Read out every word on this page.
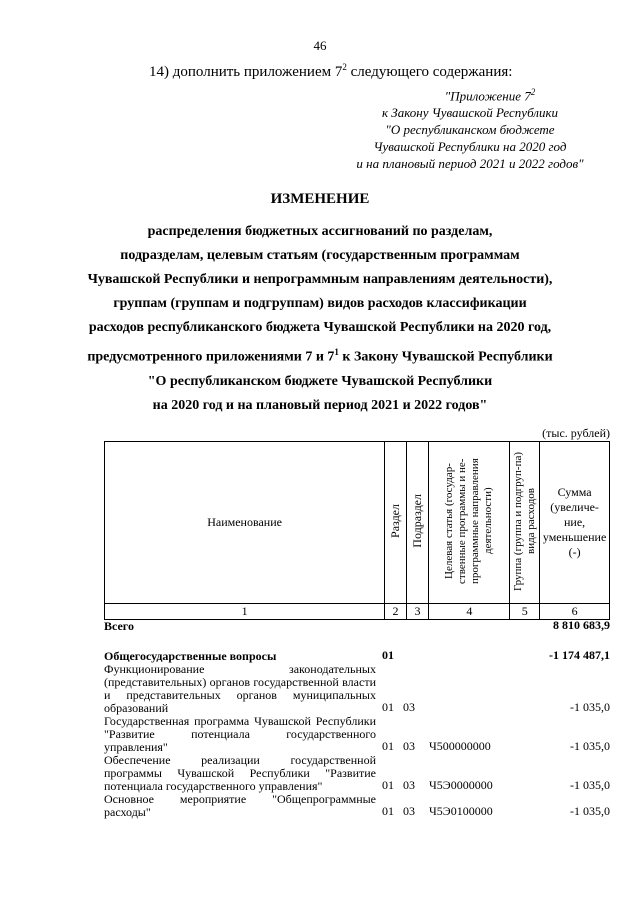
46
14) дополнить приложением $7^2$ следующего содержания:
"Приложение $7^2$
к Закону Чувашской Республики
"О республиканском бюджете
Чувашской Республики на 2020 год
и на плановый период 2021 и 2022 годов"
ИЗМЕНЕНИЕ
распределения бюджетных ассигнований по разделам,
подразделам, целевым статьям (государственным программам
Чувашской Республики и непрограммным направлениям деятельности),
группам (группам и подгруппам) видов расходов классификации
расходов республиканского бюджета Чувашской Республики на 2020 год,
предусмотренного приложениями 7 и $7^1$ к Закону Чувашской Республики
"О республиканском бюджете Чувашской Республики
на 2020 год и на плановый период 2021 и 2022 годов"
(тыс. рублей)
Наименование	Раздел	Подраздел	Целевая статья (государ-ственные программы и не-программные направления деятельности)	Группа (группа и подгруп-па) вида расходов	Сумма (увеличе-ние, уменьшение (-)
1	2	3	4	5	6
Всего	8 810 683,9
Общегосударственные вопросы	01	-1 174 487,1
Функционирование законодательных (представительных) органов государственной власти и представительных органов муниципальных образований	01 03	-1 035,0
Государственная программа Чувашской Республики "Развитие потенциала государственного управления"	01 03 Ч500000000	-1 035,0
Обеспечение реализации государственной программы Чувашской Республики "Развитие потенциала государственного управления"	01 03 Ч5Э0000000	-1 035,0
Основное мероприятие "Общепрограммные расходы"	01 03 Ч5Э0100000	-1 035,0
